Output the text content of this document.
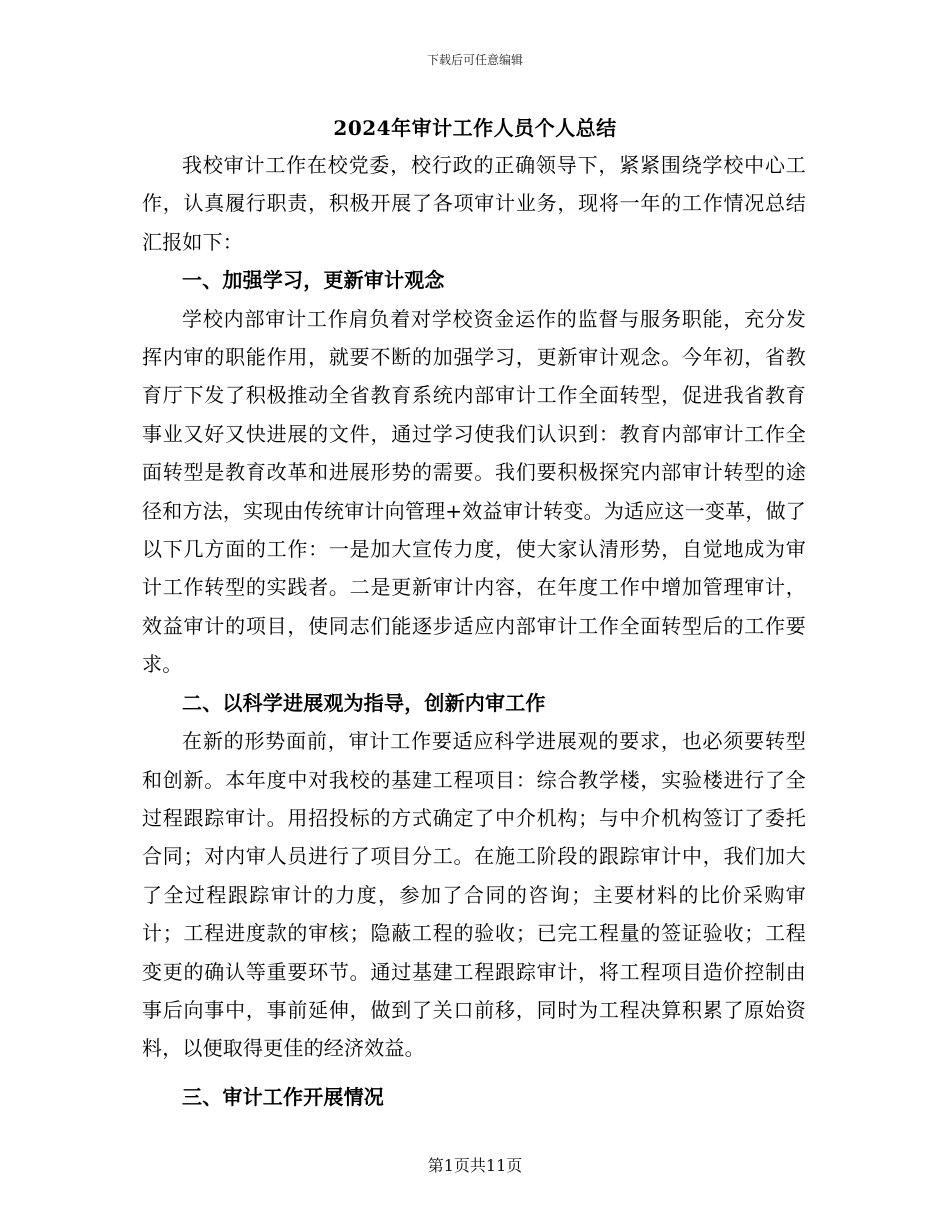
下载后可任意编辑
2024年审计工作人员个人总结

我校审计工作在校党委，校行政的正确领导下，紧紧围绕学校中心工作，认真履行职责，积极开展了各项审计业务，现将一年的工作情况总结汇报如下：

一、加强学习，更新审计观念

学校内部审计工作肩负着对学校资金运作的监督与服务职能，充分发挥内审的职能作用，就要不断的加强学习，更新审计观念。今年初，省教育厅下发了积极推动全省教育系统内部审计工作全面转型，促进我省教育事业又好又快进展的文件，通过学习使我们认识到：教育内部审计工作全面转型是教育改革和进展形势的需要。我们要积极探究内部审计转型的途径和方法，实现由传统审计向管理+效益审计转变。为适应这一变革，做了以下几方面的工作：一是加大宣传力度，使大家认清形势，自觉地成为审计工作转型的实践者。二是更新审计内容，在年度工作中增加管理审计，效益审计的项目，使同志们能逐步适应内部审计工作全面转型后的工作要求。

二、以科学进展观为指导，创新内审工作

在新的形势面前，审计工作要适应科学进展观的要求，也必须要转型和创新。本年度中对我校的基建工程项目：综合教学楼，实验楼进行了全过程跟踪审计。用招投标的方式确定了中介机构；与中介机构签订了委托合同；对内审人员进行了项目分工。在施工阶段的跟踪审计中，我们加大了全过程跟踪审计的力度，参加了合同的咨询；主要材料的比价采购审计；工程进度款的审核；隐蔽工程的验收；已完工程量的签证验收；工程变更的确认等重要环节。通过基建工程跟踪审计，将工程项目造价控制由事后向事中，事前延伸，做到了关口前移，同时为工程决算积累了原始资料，以便取得更佳的经济效益。

三、审计工作开展情况

第1页共11页
